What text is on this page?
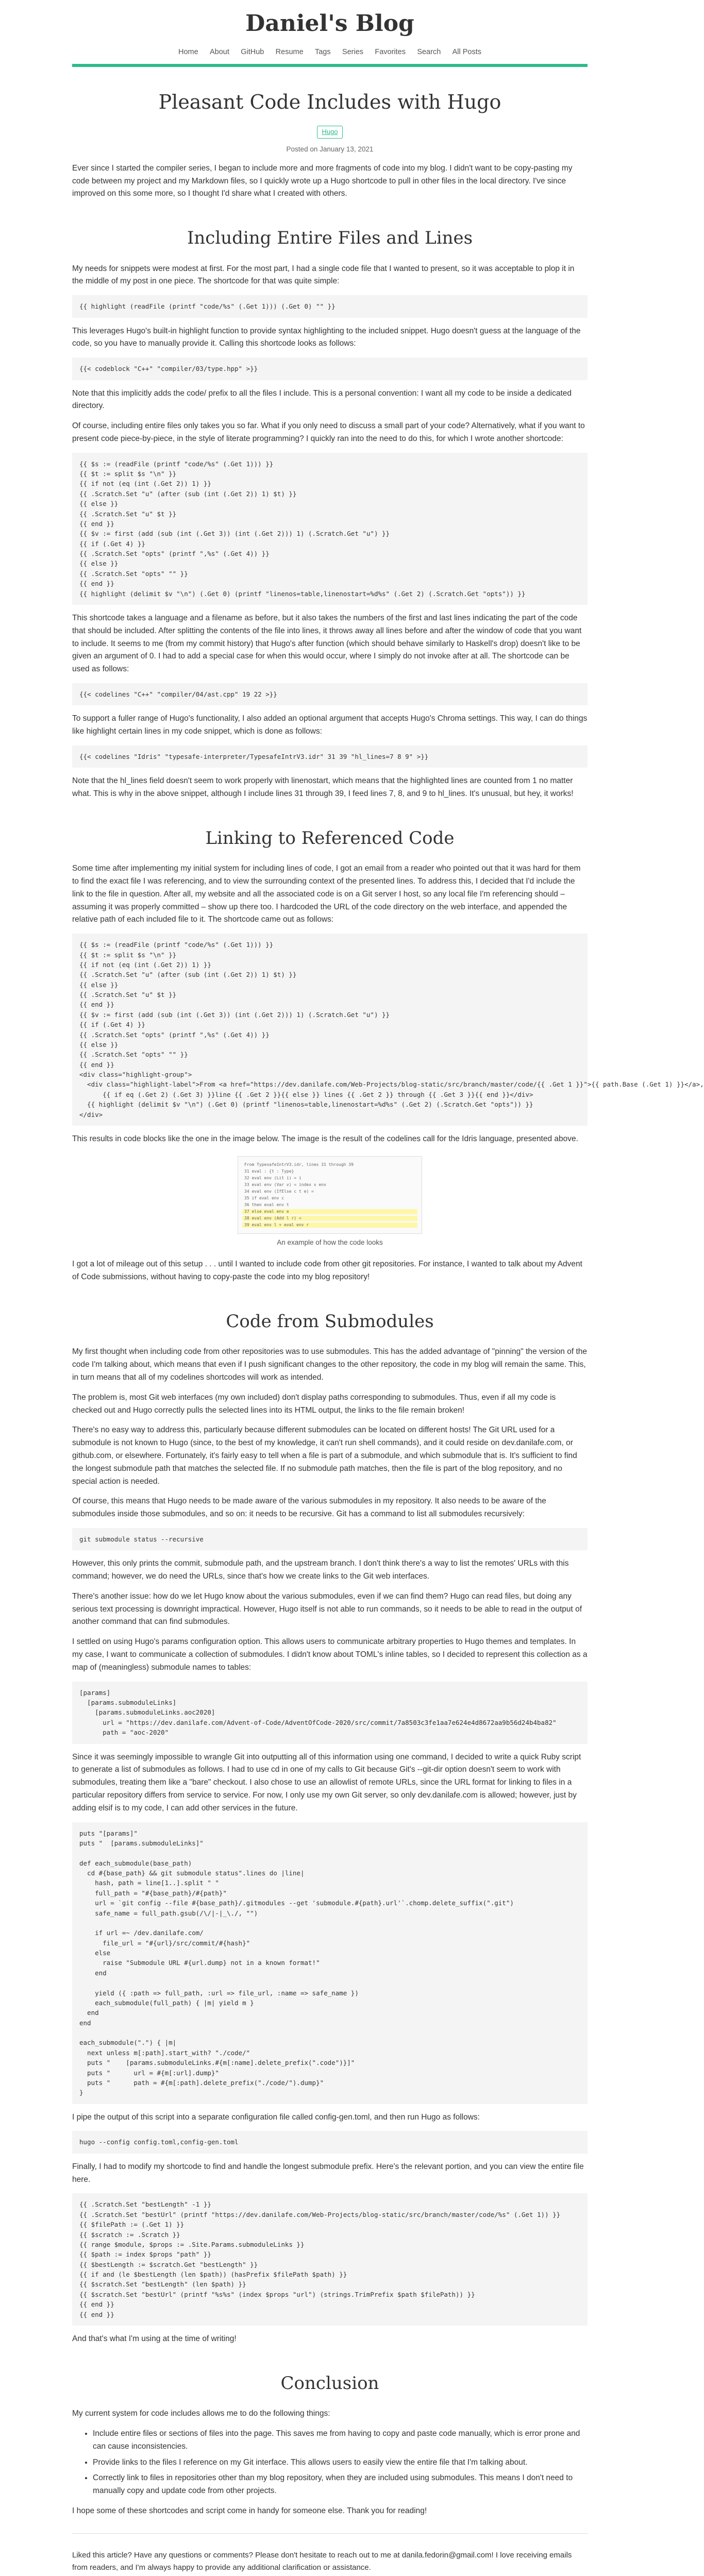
Daniel's Blog
Home About GitHub Resume Tags Series Favorites Search All Posts
Pleasant Code Includes with Hugo
Hugo
Posted on January 13, 2021

Ever since I started the compiler series, I began to include more and more fragments of code into my blog. I didn't want to be copy-pasting my code between my project and my Markdown files, so I quickly wrote up a Hugo shortcode to pull in other files in the local directory. I've since improved on this some more, so I thought I'd share what I created with others.

Including Entire Files and Lines

My needs for snippets were modest at first. For the most part, I had a single code file that I wanted to present, so it was acceptable to plop it in the middle of my post in one piece. The shortcode for that was quite simple:

{{ highlight (readFile (printf "code/%s" (.Get 1))) (.Get 0) "" }}

This leverages Hugo's built-in highlight function to provide syntax highlighting to the included snippet. Hugo doesn't guess at the language of the code, so you have to manually provide it. Calling this shortcode looks as follows:

{{< codeblock "C++" "compiler/03/type.hpp" >}}

Note that this implicitly adds the code/ prefix to all the files I include. This is a personal convention: I want all my code to be inside a dedicated directory.

Of course, including entire files only takes you so far. What if you only need to discuss a small part of your code? Alternatively, what if you want to present code piece-by-piece, in the style of literate programming? I quickly ran into the need to do this, for which I wrote another shortcode:

{{ $s := (readFile (printf "code/%s" (.Get 1))) }}
{{ $t := split $s "\n" }}
{{ if not (eq (int (.Get 2)) 1) }}
{{ .Scratch.Set "u" (after (sub (int (.Get 2)) 1) $t) }}
{{ else }}
{{ .Scratch.Set "u" $t }}
{{ end }}
{{ $v := first (add (sub (int (.Get 3)) (int (.Get 2))) 1) (.Scratch.Get "u") }}
{{ if (.Get 4) }}
{{ .Scratch.Set "opts" (printf ",%s" (.Get 4)) }}
{{ else }}
{{ .Scratch.Set "opts" "" }}
{{ end }}
{{ highlight (delimit $v "\n") (.Get 0) (printf "linenos=table,linenostart=%d%s" (.Get 2) (.Scratch.Get "opts")) }}

This shortcode takes a language and a filename as before, but it also takes the numbers of the first and last lines indicating the part of the code that should be included. After splitting the contents of the file into lines, it throws away all lines before and after the window of code that you want to include. It seems to me (from my commit history) that Hugo's after function (which should behave similarly to Haskell's drop) doesn't like to be given an argument of 0. I had to add a special case for when this would occur, where I simply do not invoke after at all. The shortcode can be used as follows:

{{< codelines "C++" "compiler/04/ast.cpp" 19 22 >}}

To support a fuller range of Hugo's functionality, I also added an optional argument that accepts Hugo's Chroma settings. This way, I can do things like highlight certain lines in my code snippet, which is done as follows:

{{< codelines "Idris" "typesafe-interpreter/TypesafeIntrV3.idr" 31 39 "hl_lines=7 8 9" >}}

Note that the hl_lines field doesn't seem to work properly with linenostart, which means that the highlighted lines are counted from 1 no matter what. This is why in the above snippet, although I include lines 31 through 39, I feed lines 7, 8, and 9 to hl_lines. It's unusual, but hey, it works!

Linking to Referenced Code

Some time after implementing my initial system for including lines of code, I got an email from a reader who pointed out that it was hard for them to find the exact file I was referencing, and to view the surrounding context of the presented lines. To address this, I decided that I'd include the link to the file in question. After all, my website and all the associated code is on a Git server I host, so any local file I'm referencing should – assuming it was properly committed – show up there too. I hardcoded the URL of the code directory on the web interface, and appended the relative path of each included file to it. The shortcode came out as follows:

{{ $s := (readFile (printf "code/%s" (.Get 1))) }}
{{ $t := split $s "\n" }}
{{ if not (eq (int (.Get 2)) 1) }}
{{ .Scratch.Set "u" (after (sub (int (.Get 2)) 1) $t) }}
{{ else }}
{{ .Scratch.Set "u" $t }}
{{ end }}
{{ $v := first (add (sub (int (.Get 3)) (int (.Get 2))) 1) (.Scratch.Get "u") }}
{{ if (.Get 4) }}
{{ .Scratch.Set "opts" (printf ",%s" (.Get 4)) }}
{{ else }}
{{ .Scratch.Set "opts" "" }}
{{ end }}
<div class="highlight-group">
<div class="highlight-label">From <a href="https://dev.danilafe.com/Web-Projects/blog-static/src/branch/master/code/{{ .Get 1 }}">{{ path.Base (.Get 1) }}</a>,
{{ if eq (.Get 2) (.Get 3) }}line {{ .Get 2 }}{{ else }} lines {{ .Get 2 }} through {{ .Get 3 }}{{ end }}</div>
{{ highlight (delimit $v "\n") (.Get 0) (printf "linenos=table,linenostart=%d%s" (.Get 2) (.Scratch.Get "opts")) }}
</div>

This results in code blocks like the one in the image below. The image is the result of the codelines call for the Idris language, presented above.

From TypesafeIntrV3.idr, lines 31 through 39
31 eval : {t : Type}
32 eval env (Lit i) = i
33 eval env (Var v) = index v env
34 eval env (IfElse c t e) =
35 if eval env c
36 then eval env t
37 else eval env e
38 eval env (Add l r) =
39 eval env l + eval env r
An example of how the code looks

I got a lot of mileage out of this setup . . . until I wanted to include code from other git repositories. For instance, I wanted to talk about my Advent of Code submissions, without having to copy-paste the code into my blog repository!

Code from Submodules

My first thought when including code from other repositories was to use submodules. This has the added advantage of "pinning" the version of the code I'm talking about, which means that even if I push significant changes to the other repository, the code in my blog will remain the same. This, in turn means that all of my codelines shortcodes will work as intended.

The problem is, most Git web interfaces (my own included) don't display paths corresponding to submodules. Thus, even if all my code is checked out and Hugo correctly pulls the selected lines into its HTML output, the links to the file remain broken!

There's no easy way to address this, particularly because different submodules can be located on different hosts! The Git URL used for a submodule is not known to Hugo (since, to the best of my knowledge, it can't run shell commands), and it could reside on dev.danilafe.com, or github.com, or elsewhere. Fortunately, it's fairly easy to tell when a file is part of a submodule, and which submodule that is. It's sufficient to find the longest submodule path that matches the selected file. If no submodule path matches, then the file is part of the blog repository, and no special action is needed.

Of course, this means that Hugo needs to be made aware of the various submodules in my repository. It also needs to be aware of the submodules inside those submodules, and so on: it needs to be recursive. Git has a command to list all submodules recursively:

git submodule status --recursive

However, this only prints the commit, submodule path, and the upstream branch. I don't think there's a way to list the remotes' URLs with this command; however, we do need the URLs, since that's how we create links to the Git web interfaces.

There's another issue: how do we let Hugo know about the various submodules, even if we can find them? Hugo can read files, but doing any serious text processing is downright impractical. However, Hugo itself is not able to run commands, so it needs to be able to read in the output of another command that can find submodules.

I settled on using Hugo's params configuration option. This allows users to communicate arbitrary properties to Hugo themes and templates. In my case, I want to communicate a collection of submodules. I didn't know about TOML's inline tables, so I decided to represent this collection as a map of (meaningless) submodule names to tables:

[params]
[params.submoduleLinks]
[params.submoduleLinks.aoc2020]
url = "https://dev.danilafe.com/Advent-of-Code/AdventOfCode-2020/src/commit/7a8503c3fe1aa7e624e4d8672aa9b56d24b4ba82"
path = "aoc-2020"

Since it was seemingly impossible to wrangle Git into outputting all of this information using one command, I decided to write a quick Ruby script to generate a list of submodules as follows. I had to use cd in one of my calls to Git because Git's --git-dir option doesn't seem to work with submodules, treating them like a "bare" checkout. I also chose to use an allowlist of remote URLs, since the URL format for linking to files in a particular repository differs from service to service. For now, I only use my own Git server, so only dev.danilafe.com is allowed; however, just by adding elsif is to my code, I can add other services in the future.

puts "[params]"
puts "  [params.submoduleLinks]"

def each_submodule(base_path)
cd #{base_path} && git submodule status".lines do |line|
hash, path = line[1..].split " "
full_path = "#{base_path}/#{path}"
url = `git config --file #{base_path}/.gitmodules --get 'submodule.#{path}.url'`.chomp.delete_suffix(".git")
safe_name = full_path.gsub(/\/|-|_\./, "")

if url =~ /dev.danilafe.com/
file_url = "#{url}/src/commit/#{hash}"
else
raise "Submodule URL #{url.dump} not in a known format!"
end

yield ({ :path => full_path, :url => file_url, :name => safe_name })
each_submodule(full_path) { |m| yield m }
end
end

each_submodule(".") { |m|
next unless m[:path].start_with? "./code/"
puts "    [params.submoduleLinks.#{m[:name].delete_prefix(".code")}]"
puts "      url = #{m[:url].dump}"
puts "      path = #{m[:path].delete_prefix("./code/").dump}"
}

I pipe the output of this script into a separate configuration file called config-gen.toml, and then run Hugo as follows:

hugo --config config.toml,config-gen.toml

Finally, I had to modify my shortcode to find and handle the longest submodule prefix. Here's the relevant portion, and you can view the entire file here.

{{ .Scratch.Set "bestLength" -1 }}
{{ .Scratch.Set "bestUrl" (printf "https://dev.danilafe.com/Web-Projects/blog-static/src/branch/master/code/%s" (.Get 1)) }}
{{ $filePath := (.Get 1) }}
{{ $scratch := .Scratch }}
{{ range $module, $props := .Site.Params.submoduleLinks }}
{{ $path := index $props "path" }}
{{ $bestLength := $scratch.Get "bestLength" }}
{{ if and (le $bestLength (len $path)) (hasPrefix $filePath $path) }}
{{ $scratch.Set "bestLength" (len $path) }}
{{ $scratch.Set "bestUrl" (printf "%s%s" (index $props "url") (strings.TrimPrefix $path $filePath)) }}
{{ end }}
{{ end }}

And that's what I'm using at the time of writing!

Conclusion

My current system for code includes allows me to do the following things:

• Include entire files or sections of files into the page. This saves me from having to copy and paste code manually, which is error prone and can cause inconsistencies.
• Provide links to the files I reference on my Git interface. This allows users to easily view the entire file that I'm talking about.
• Correctly link to files in repositories other than my blog repository, when they are included using submodules. This means I don't need to manually copy and update code from other projects.

I hope some of these shortcodes and script come in handy for someone else. Thank you for reading!

Liked this article? Have any questions or comments? Please don't hesitate to reach out to me at danila.fedorin@gmail.com! I love receiving emails from readers, and I'm always happy to provide any additional clarification or assistance.
